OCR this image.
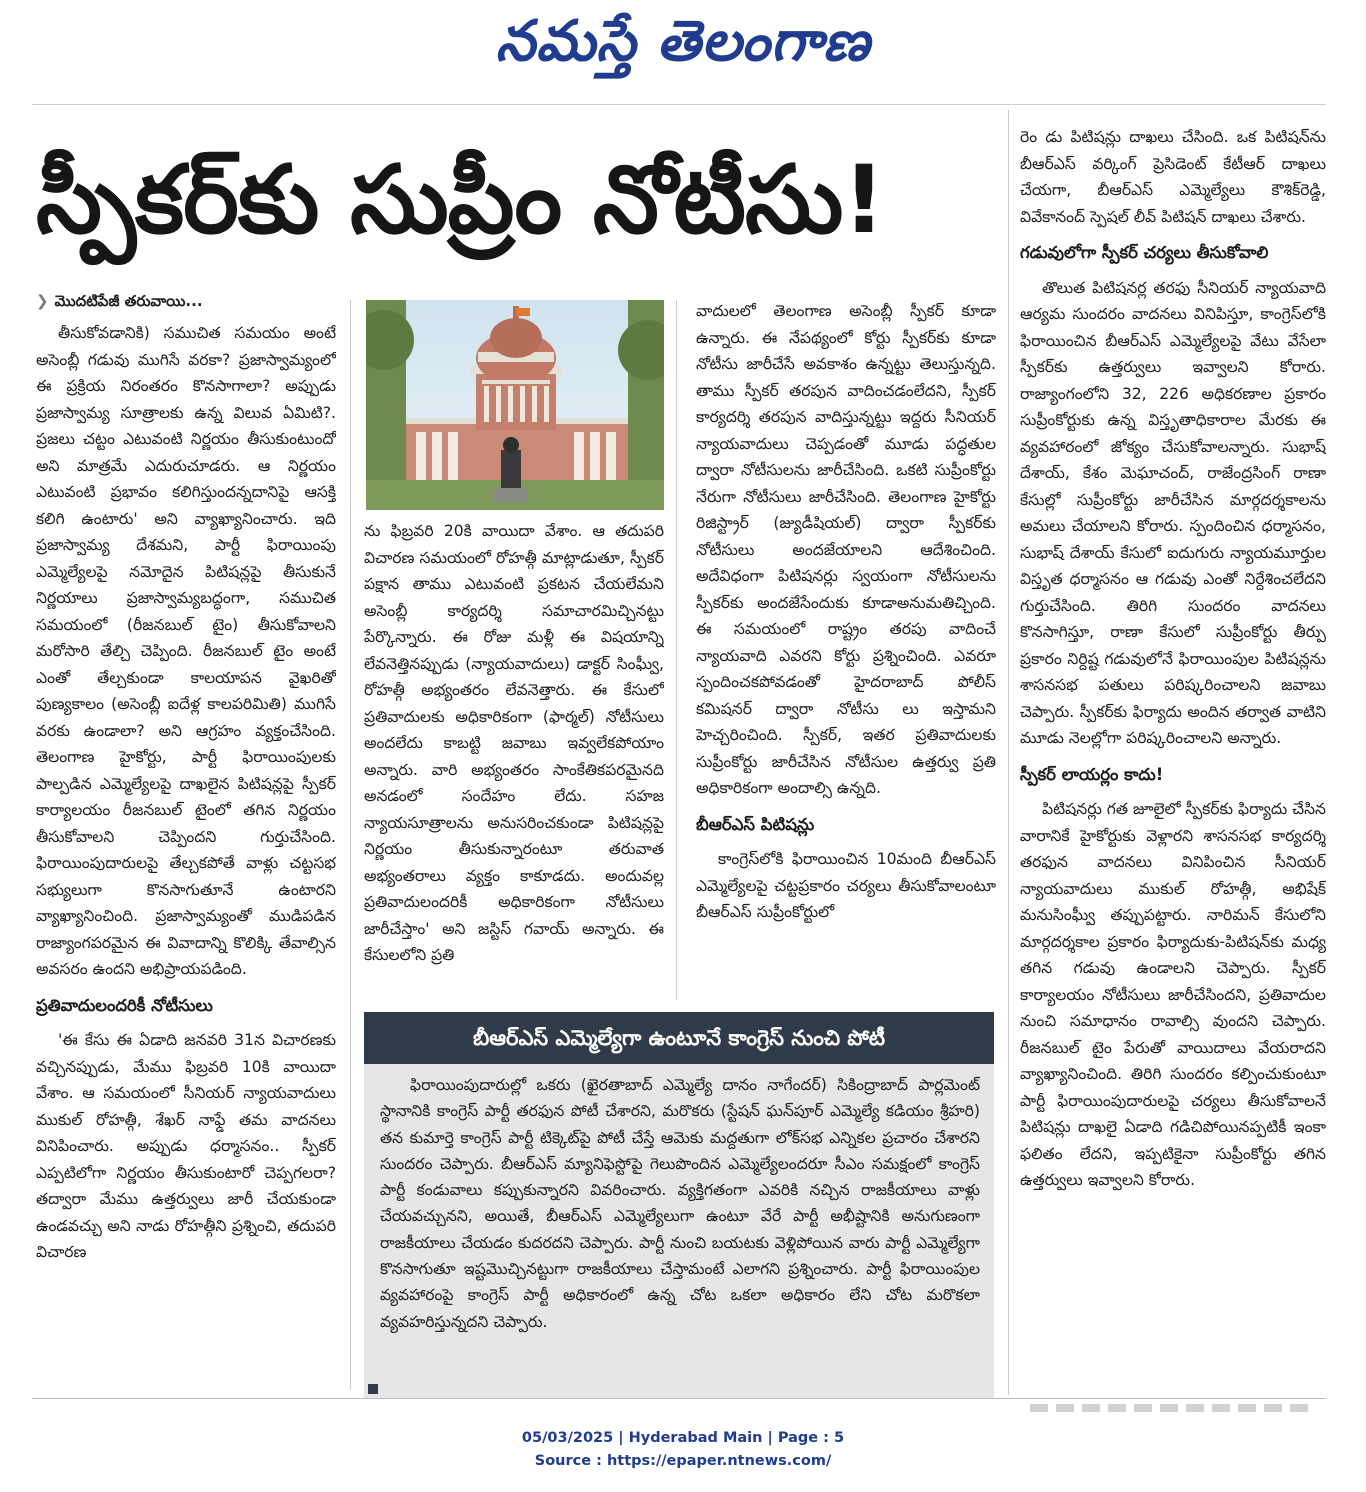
నమస్తే తెలంగాణ
స్పీకర్‌కు సుప్రీం నోటీసు!
❯ మొదటిపేజీ తరువాయి...

తీసుకోవడానికి) సముచిత సమయం అంటే అసెంబ్లీ గడువు ముగిసే వరకా? ప్రజాస్వామ్యంలో ఈ ప్రక్రియ నిరంతరం కొనసాగాలా? అప్పుడు ప్రజాస్వామ్య సూత్రాలకు ఉన్న విలువ ఏమిటి?. ప్రజలు చట్టం ఎటువంటి నిర్ణయం తీసుకుంటుందో అని మాత్రమే ఎదురుచూడరు. ఆ నిర్ణయం ఎటువంటి ప్రభావం కలిగిస్తుందన్నదానిపై ఆసక్తి కలిగి ఉంటారు' అని వ్యాఖ్యానించారు. ఇది ప్రజాస్వామ్య దేశమని, పార్టీ ఫిరాయింపు ఎమ్మెల్యేలపై నమోదైన పిటిషన్లపై తీసుకునే నిర్ణయాలు ప్రజాస్వామ్యబద్ధంగా, సముచిత సమయంలో (రీజనబుల్ టైం) తీసుకోవాలని మరోసారి తేల్చి చెప్పింది. రీజనబుల్ టైం అంటే ఎంతో తేల్చకుండా కాలయాపన వైఖరితో పుణ్యకాలం (అసెంబ్లీ ఐదేళ్ల కాలపరిమితి) ముగిసే వరకు ఉండాలా? అని ఆగ్రహం వ్యక్తంచేసింది. తెలంగాణ హైకోర్టు, పార్టీ ఫిరాయింపులకు పాల్పడిన ఎమ్మెల్యేలపై దాఖలైన పిటిషన్లపై స్పీకర్ కార్యాలయం రీజనబుల్ టైంలో తగిన నిర్ణయం తీసుకోవాలని చెప్పిందని గుర్తుచేసింది. ఫిరాయింపుదారులపై తేల్చకపోతే వాళ్లు చట్టసభ సభ్యులుగా కొనసాగుతూనే ఉంటారని వ్యాఖ్యానించింది. ప్రజాస్వామ్యంతో ముడిపడిన రాజ్యాంగపరమైన ఈ వివాదాన్ని కొలిక్కి తేవాల్సిన అవసరం ఉందని అభిప్రాయపడింది.

ప్రతివాదులందరికీ నోటీసులు

'ఈ కేసు ఈ ఏడాది జనవరి 31న విచారణకు వచ్చినప్పుడు, మేము ఫిబ్రవరి 10కి వాయిదా వేశాం. ఆ సమయంలో సీనియర్ న్యాయవాదులు ముకుల్ రోహత్గీ, శేఖర్ నాఫ్డే తమ వాదనలు వినిపించారు. అప్పుడు ధర్మాసనం.. స్పీకర్ ఎప్పటిలోగా నిర్ణయం తీసుకుంటారో చెప్పగలరా? తద్వారా మేము ఉత్తర్వులు జారీ చేయకుండా ఉండవచ్చు అని నాడు రోహత్గీని ప్రశ్నించి, తదుపరి విచారణ

ను ఫిబ్రవరి 20కి వాయిదా వేశాం. ఆ తదుపరి విచారణ సమయంలో రోహత్గీ మాట్లాడుతూ, స్పీకర్ పక్షాన తాము ఎటువంటి ప్రకటన చేయలేమని అసెంబ్లీ కార్యదర్శి సమాచారమిచ్చినట్టు పేర్కొన్నారు. ఈ రోజు మళ్లీ ఈ విషయాన్ని లేవనెత్తినప్పుడు (న్యాయవాదులు) డాక్టర్ సింఘ్వీ, రోహత్గీ అభ్యంతరం లేవనెత్తారు. ఈ కేసులో ప్రతివాదులకు అధికారికంగా (ఫార్మల్) నోటీసులు అందలేదు కాబట్టి జవాబు ఇవ్వలేకపోయాం అన్నారు. వారి అభ్యంతరం సాంకేతికపరమైనది అనడంలో సందేహం లేదు. సహజ న్యాయసూత్రాలను అనుసరించకుండా పిటిషన్లపై నిర్ణయం తీసుకున్నారంటూ తరువాత అభ్యంతరాలు వ్యక్తం కాకూడదు. అందువల్ల ప్రతివాదులందరికీ అధికారికంగా నోటీసులు జారీచేస్తాం' అని జస్టిస్ గవాయ్ అన్నారు. ఈ కేసులలోని ప్రతి

వాదులలో తెలంగాణ అసెంబ్లీ స్పీకర్ కూడా ఉన్నారు. ఈ నేపథ్యంలో కోర్టు స్పీకర్‌కు కూడా నోటీసు జారీచేసే అవకాశం ఉన్నట్టు తెలుస్తున్నది. తాము స్పీకర్ తరపున వాదించడంలేదని, స్పీకర్ కార్యదర్శి తరపున వాదిస్తున్నట్టు ఇద్దరు సీనియర్ న్యాయవాదులు చెప్పడంతో మూడు పద్ధతుల ద్వారా నోటీసులను జారీచేసింది. ఒకటి సుప్రీంకోర్టు నేరుగా నోటీసులు జారీచేసింది. తెలంగాణ హైకోర్టు రిజిస్ట్రార్ (జ్యుడీషియల్) ద్వారా స్పీకర్‌కు నోటీసులు అందజేయాలని ఆదేశించింది. అదేవిధంగా పిటిషనర్లు స్వయంగా నోటీసులను స్పీకర్‌కు అందజేసేందుకు కూడాఅనుమతిచ్చింది. ఈ సమయంలో రాష్ట్రం తరపు వాదించే న్యాయవాది ఎవరని కోర్టు ప్రశ్నించింది. ఎవరూ స్పందించకపోవడంతో హైదరాబాద్ పోలీస్ కమిషనర్ ద్వారా నోటీసు లు ఇస్తామని హెచ్చరించింది. స్పీకర్, ఇతర ప్రతివాదులకు సుప్రీంకోర్టు జారీచేసిన నోటీసుల ఉత్తర్వు ప్రతి అధికారికంగా అందాల్సి ఉన్నది.

బీఆర్‌ఎస్ పిటిషన్లు

కాంగ్రెస్‌లోకి ఫిరాయించిన 10మంది బీఆర్‌ఎస్ ఎమ్మెల్యేలపై చట్టప్రకారం చర్యలు తీసుకోవాలంటూ బీఆర్‌ఎస్ సుప్రీంకోర్టులో

రెం డు పిటిషన్లు దాఖలు చేసింది. ఒక పిటిషన్‌ను బీఆర్‌ఎస్ వర్కింగ్ ప్రెసిడెంట్ కేటీఆర్ దాఖలు చేయగా, బీఆర్‌ఎస్ ఎమ్మెల్యేలు కౌశిక్‌రెడ్డి, వివేకానంద్ స్పెషల్ లీవ్ పిటిషన్ దాఖలు చేశారు.

గడువులోగా స్పీకర్ చర్యలు తీసుకోవాలి

తొలుత పిటిషనర్ల తరఫు సీనియర్ న్యాయవాది ఆర్యమ సుందరం వాదనలు వినిపిస్తూ, కాంగ్రెస్‌లోకి ఫిరాయించిన బీఆర్‌ఎస్ ఎమ్మెల్యేలపై వేటు వేసేలా స్పీకర్‌కు ఉత్తర్వులు ఇవ్వాలని కోరారు. రాజ్యాంగంలోని 32, 226 అధికరణాల ప్రకారం సుప్రీంకోర్టుకు ఉన్న విస్తృతాధికారాల మేరకు ఈ వ్యవహారంలో జోక్యం చేసుకోవాలన్నారు. సుభాష్ దేశాయ్, కేశం మెఘాచంద్, రాజేంద్రసింగ్ రాణా కేసుల్లో సుప్రీంకోర్టు జారీచేసిన మార్గదర్శకాలను అమలు చేయాలని కోరారు. స్పందించిన ధర్మాసనం, సుభాష్ దేశాయ్ కేసులో ఐదుగురు న్యాయమూర్తుల విస్తృత ధర్మాసనం ఆ గడువు ఎంతో నిర్దేశించలేదని గుర్తుచేసింది. తిరిగి సుందరం వాదనలు కొనసాగిస్తూ, రాణా కేసులో సుప్రీంకోర్టు తీర్పు ప్రకారం నిర్దిష్ట గడువులోనే ఫిరాయింపుల పిటిషన్లను శాసనసభ పతులు పరిష్కరించాలని జవాబు చెప్పారు. స్పీకర్‌కు ఫిర్యాదు అందిన తర్వాత వాటిని మూడు నెలల్లోగా పరిష్కరించాలని అన్నారు.

స్పీకర్ లాయర్లం కాదు!

పిటిషనర్లు గత జూలైలో స్పీకర్‌కు ఫిర్యాదు చేసిన వారానికే హైకోర్టుకు వెళ్లారని శాసనసభ కార్యదర్శి తరఫున వాదనలు వినిపించిన సీనియర్ న్యాయవాదులు ముకుల్ రోహత్గీ, అభిషేక్ మనుసింఘ్వీ తప్పుపట్టారు. నారిమన్ కేసులోని మార్గదర్శకాల ప్రకారం ఫిర్యాదుకు-పిటిషన్‌కు మధ్య తగిన గడువు ఉండాలని చెప్పారు. స్పీకర్ కార్యాలయం నోటీసులు జారీచేసిందని, ప్రతివాదుల నుంచి సమాధానం రావాల్సి వుందని చెప్పారు. రీజనబుల్ టైం పేరుతో వాయిదాలు వేయరాదని వ్యాఖ్యానించింది. తిరిగి సుందరం కల్పించుకుంటూ పార్టీ ఫిరాయింపుదారులపై చర్యలు తీసుకోవాలనే పిటిషన్లు దాఖలై ఏడాది గడిచిపోయినప్పటికీ ఇంకా ఫలితం లేదని, ఇప్పటికైనా సుప్రీంకోర్టు తగిన ఉత్తర్వులు ఇవ్వాలని కోరారు.

బీఆర్‌ఎస్ ఎమ్మెల్యేగా ఉంటూనే కాంగ్రెస్ నుంచి పోటీ

ఫిరాయింపుదారుల్లో ఒకరు (ఖైరతాబాద్ ఎమ్మెల్యే దానం నాగేందర్) సికింద్రాబాద్ పార్లమెంట్ స్థానానికి కాంగ్రెస్ పార్టీ తరఫున పోటీ చేశారని, మరొకరు (స్టేషన్ ఘన్‌పూర్ ఎమ్మెల్యే కడియం శ్రీహరి) తన కుమార్తె కాంగ్రెస్ పార్టీ టిక్కెట్‌పై పోటీ చేస్తే ఆమెకు మద్దతుగా లోక్‌సభ ఎన్నికల ప్రచారం చేశారని సుందరం చెప్పారు. బీఆర్‌ఎస్ మ్యానిఫెస్టోపై గెలుపొందిన ఎమ్మెల్యేలందరూ సీఎం సమక్షంలో కాంగ్రెస్ పార్టీ కండువాలు కప్పుకున్నారని వివరించారు. వ్యక్తిగతంగా ఎవరికి నచ్చిన రాజకీయాలు వాళ్లు చేయవచ్చునని, అయితే, బీఆర్‌ఎస్ ఎమ్మెల్యేలుగా ఉంటూ వేరే పార్టీ అభీష్టానికి అనుగుణంగా రాజకీయాలు చేయడం కుదరదని చెప్పారు. పార్టీ నుంచి బయటకు వెళ్లిపోయిన వారు పార్టీ ఎమ్మెల్యేగా కొనసాగుతూ ఇష్టమొచ్చినట్టుగా రాజకీయాలు చేస్తామంటే ఎలాగని ప్రశ్నించారు. పార్టీ ఫిరాయింపుల వ్యవహారంపై కాంగ్రెస్ పార్టీ అధికారంలో ఉన్న చోట ఒకలా అధికారం లేని చోట మరొకలా వ్యవహరిస్తున్నదని చెప్పారు.

05/03/2025 | Hyderabad Main | Page : 5
Source : https://epaper.ntnews.com/
